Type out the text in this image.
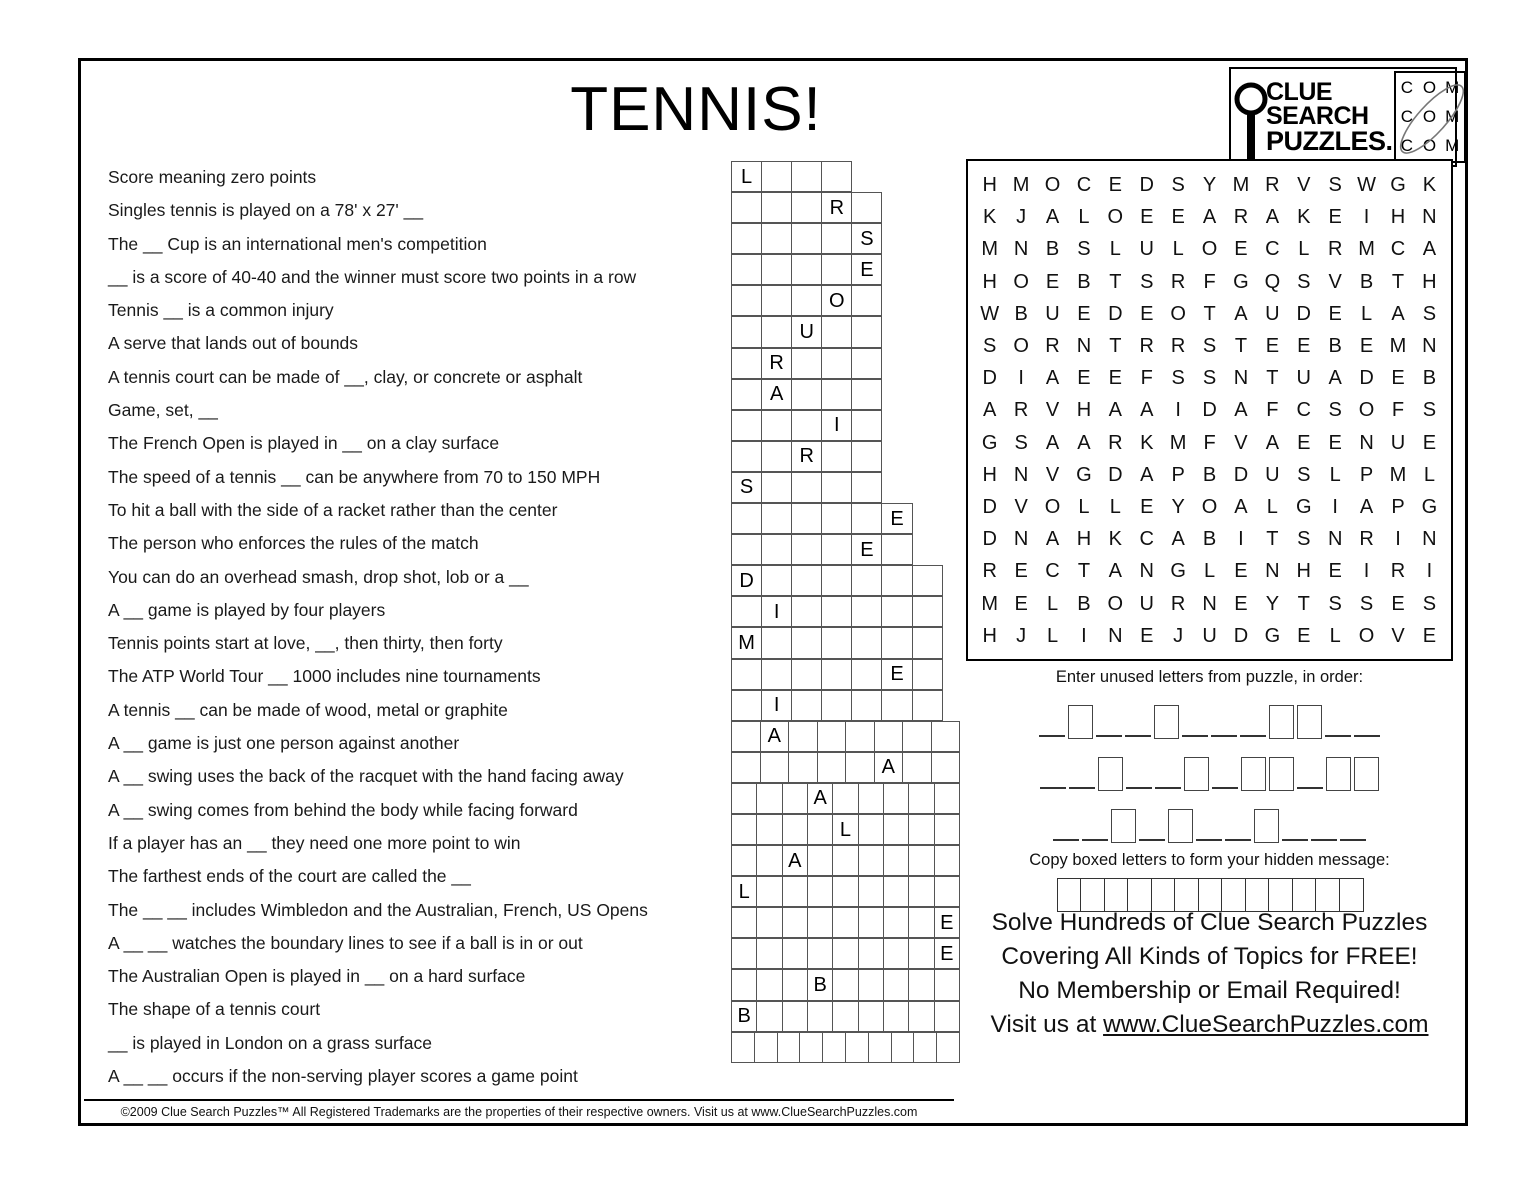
TENNIS!	CLUE
SEARCH
PUZZLES.
C O M
C O M
C O M
Score meaning zero points
Singles tennis is played on a 78' x 27' __
The __ Cup is an international men's competition
__ is a score of 40-40 and the winner must score two points in a row
Tennis __ is a common injury
A serve that lands out of bounds
A tennis court can be made of __, clay, or concrete or asphalt
Game, set, __
The French Open is played in __ on a clay surface
The speed of a tennis __ can be anywhere from 70 to 150 MPH
To hit a ball with the side of a racket rather than the center
The person who enforces the rules of the match
You can do an overhead smash, drop shot, lob or a __
A __ game is played by four players
Tennis points start at love, __, then thirty, then forty
The ATP World Tour __ 1000 includes nine tournaments
A tennis __ can be made of wood, metal or graphite
A __ game is just one person against another
A __ swing uses the back of the racquet with the hand facing away
A __ swing comes from behind the body while facing forward
If a player has an __ they need one more point to win
The farthest ends of the court are called the __
The __ __ includes Wimbledon and the Australian, French, US Opens
A __ __ watches the boundary lines to see if a ball is in or out
The Australian Open is played in __ on a hard surface
The shape of a tennis court
__ is played in London on a grass surface
A __ __ occurs if the non-serving player scores a game point
L
R
S
E
O
U
R
A
I
R
S
E
E
D
I
M
E
I
A
A
A
L
A
L
E
E
B
B
H M O C E D S Y M R V S W G K
K J A L O E E A R A K E	I	H N
M N B S L U L O E C L R M C A
H O E B T S R F G Q S V B T H
W B U E D E O T A U D E L A S
S O R N T R R S T E E B E M N
D	I	A E E F S S N T U A D E B
A R V H A A	I	D A F C S O F S
G S A A R K M F V A E E N U E
H N V G D A P B D U S L P M L
D V O L	L E Y O A L G	I	A P G
D N A H K C A B	I	T S N R	I	N
R E C T A N G L E N H E	I	R	I
M E L B O U R N E Y T S S E S
H J	L	I	N E J U D G E L O V E
Enter unused letters from puzzle, in order:
Copy boxed letters to form your hidden message:
Solve Hundreds of Clue Search Puzzles
Covering All Kinds of Topics for FREE!
No Membership or Email Required!
Visit us at www.ClueSearchPuzzles.com
©2009 Clue Search Puzzles™ All Registered Trademarks are the properties of their respective owners. Visit us at www.ClueSearchPuzzles.com
